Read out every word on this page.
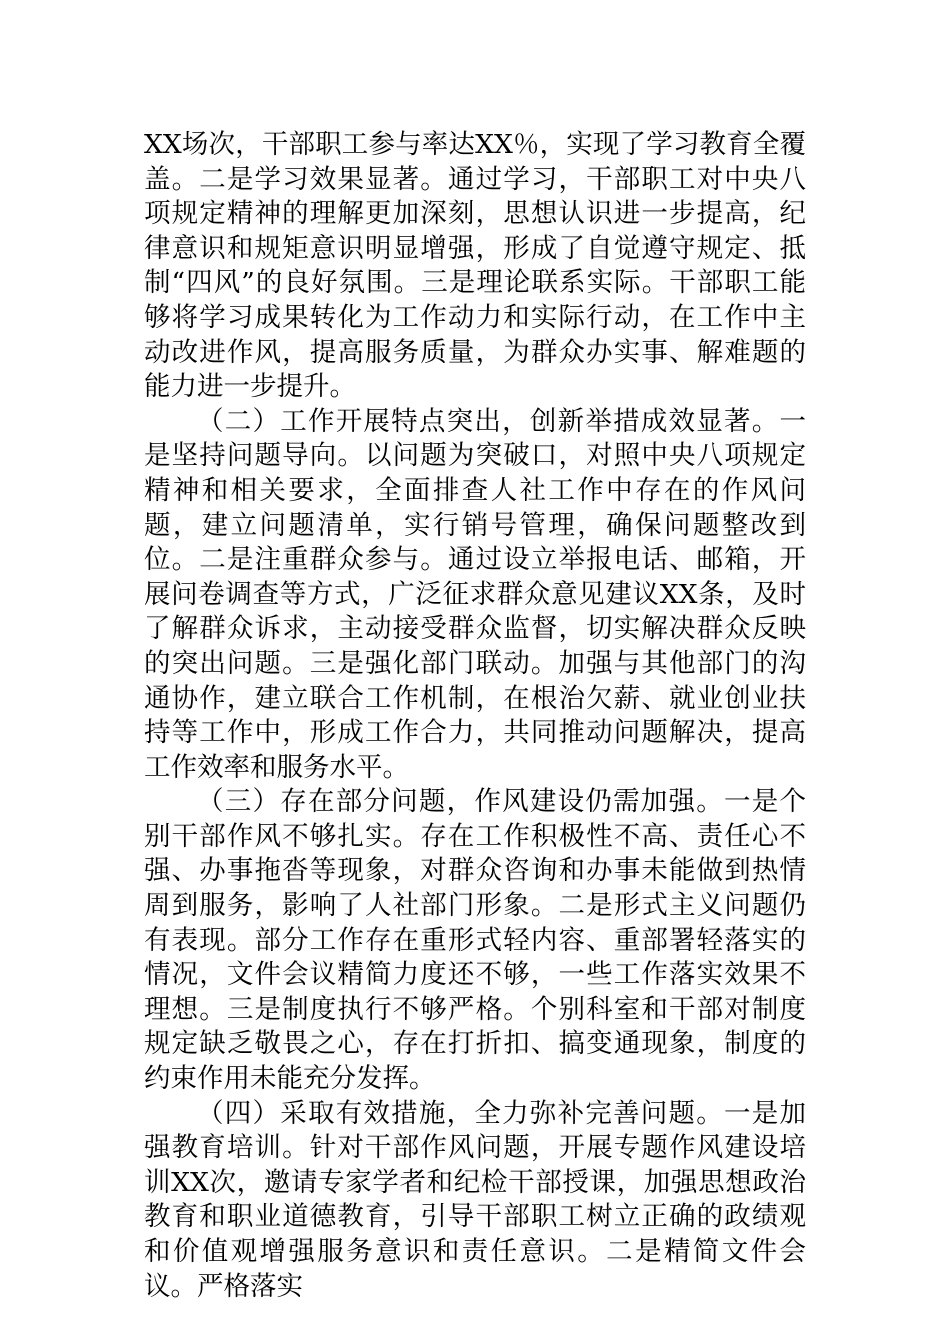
XX场次，干部职工参与率达XX％，实现了学习教育全覆盖。二是学习效果显著。通过学习，干部职工对中央八项规定精神的理解更加深刻，思想认识进一步提高，纪律意识和规矩意识明显增强，形成了自觉遵守规定、抵制“四风”的良好氛围。三是理论联系实际。干部职工能够将学习成果转化为工作动力和实际行动，在工作中主动改进作风，提高服务质量，为群众办实事、解难题的能力进一步提升。

（二）工作开展特点突出，创新举措成效显著。一是坚持问题导向。以问题为突破口，对照中央八项规定精神和相关要求，全面排查人社工作中存在的作风问题，建立问题清单，实行销号管理，确保问题整改到位。二是注重群众参与。通过设立举报电话、邮箱，开展问卷调查等方式，广泛征求群众意见建议XX条，及时了解群众诉求，主动接受群众监督，切实解决群众反映的突出问题。三是强化部门联动。加强与其他部门的沟通协作，建立联合工作机制，在根治欠薪、就业创业扶持等工作中，形成工作合力，共同推动问题解决，提高工作效率和服务水平。

（三）存在部分问题，作风建设仍需加强。一是个别干部作风不够扎实。存在工作积极性不高、责任心不强、办事拖沓等现象，对群众咨询和办事未能做到热情周到服务，影响了人社部门形象。二是形式主义问题仍有表现。部分工作存在重形式轻内容、重部署轻落实的情况，文件会议精简力度还不够，一些工作落实效果不理想。三是制度执行不够严格。个别科室和干部对制度规定缺乏敬畏之心，存在打折扣、搞变通现象，制度的约束作用未能充分发挥。

（四）采取有效措施，全力弥补完善问题。一是加强教育培训。针对干部作风问题，开展专题作风建设培训XX次，邀请专家学者和纪检干部授课，加强思想政治教育和职业道德教育，引导干部职工树立正确的政绩观和价值观增强服务意识和责任意识。二是精简文件会议。严格落实
